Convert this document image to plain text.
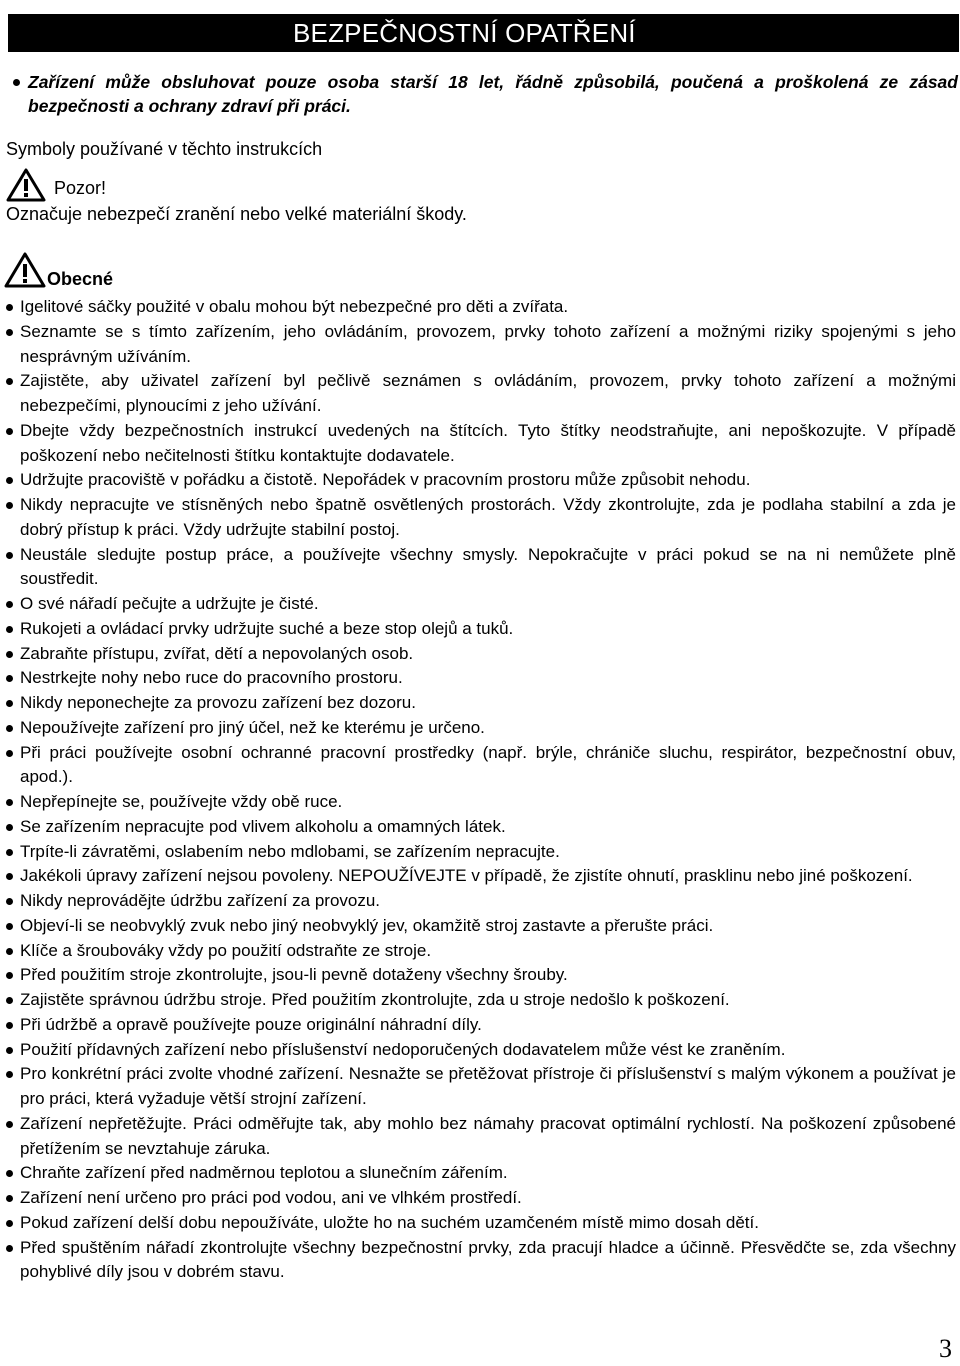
BEZPEČNOSTNÍ OPATŘENÍ
Zařízení může obsluhovat pouze osoba starší 18 let, řádně způsobilá, poučená a proškolená ze zásad bezpečnosti a ochrany zdraví při práci.
Symboly používané v těchto instrukcích
Pozor!
Označuje nebezpečí zranění nebo velké materiální škody.
Obecné
Igelitové sáčky použité v obalu mohou být nebezpečné pro děti a zvířata.
Seznamte se s tímto zařízením, jeho ovládáním, provozem, prvky tohoto zařízení a možnými riziky spojenými s jeho nesprávným užíváním.
Zajistěte, aby uživatel zařízení byl pečlivě seznámen s ovládáním, provozem, prvky tohoto zařízení a možnými nebezpečími, plynoucími z jeho užívání.
Dbejte vždy bezpečnostních instrukcí uvedených na štítcích. Tyto štítky neodstraňujte, ani nepoškozujte. V případě poškození nebo nečitelnosti štítku kontaktujte dodavatele.
Udržujte pracoviště v pořádku a čistotě. Nepořádek v pracovním prostoru může způsobit nehodu.
Nikdy nepracujte ve stísněných nebo špatně osvětlených prostorách. Vždy zkontrolujte, zda je podlaha stabilní a zda je dobrý přístup k práci. Vždy udržujte stabilní postoj.
Neustále sledujte postup práce, a používejte všechny smysly. Nepokračujte v práci pokud se na ni nemůžete plně soustředit.
O své nářadí pečujte a udržujte je čisté.
Rukojeti a ovládací prvky udržujte suché a beze stop olejů a tuků.
Zabraňte přístupu, zvířat, dětí a nepovolaných osob.
Nestrkejte nohy nebo ruce do pracovního prostoru.
Nikdy neponechejte za provozu zařízení bez dozoru.
Nepoužívejte zařízení pro jiný účel, než ke kterému je určeno.
Při práci používejte osobní ochranné pracovní prostředky (např. brýle, chrániče sluchu, respirátor, bezpečnostní obuv, apod.).
Nepřepínejte se, používejte vždy obě ruce.
Se zařízením nepracujte pod vlivem alkoholu a omamných látek.
Trpíte-li závratěmi, oslabením nebo mdlobami, se zařízením nepracujte.
Jakékoli úpravy zařízení nejsou povoleny. NEPOUŽÍVEJTE v případě, že zjistíte ohnutí, prasklinu nebo jiné poškození.
Nikdy neprovádějte údržbu zařízení za provozu.
Objeví-li se neobvyklý zvuk nebo jiný neobvyklý jev, okamžitě stroj zastavte a přerušte práci.
Klíče a šroubováky vždy po použití odstraňte ze stroje.
Před použitím stroje zkontrolujte, jsou-li pevně dotaženy všechny šrouby.
Zajistěte správnou údržbu stroje. Před použitím zkontrolujte, zda u stroje nedošlo k poškození.
Při údržbě a opravě používejte pouze originální náhradní díly.
Použití přídavných zařízení nebo příslušenství nedoporučených dodavatelem může vést ke zraněním.
Pro konkrétní práci zvolte vhodné zařízení. Nesnažte se přetěžovat přístroje či příslušenství s malým výkonem a používat je pro práci, která vyžaduje větší strojní zařízení.
Zařízení nepřetěžujte. Práci odměřujte tak, aby mohlo bez námahy pracovat optimální rychlostí. Na poškození způsobené přetížením se nevztahuje záruka.
Chraňte zařízení před nadměrnou teplotou a slunečním zářením.
Zařízení není určeno pro práci pod vodou, ani ve vlhkém prostředí.
Pokud zařízení delší dobu nepoužíváte, uložte ho na suchém uzamčeném místě mimo dosah dětí.
Před spuštěním nářadí zkontrolujte všechny bezpečnostní prvky, zda pracují hladce a účinně. Přesvědčte se, zda všechny pohyblivé díly jsou v dobrém stavu.
3
